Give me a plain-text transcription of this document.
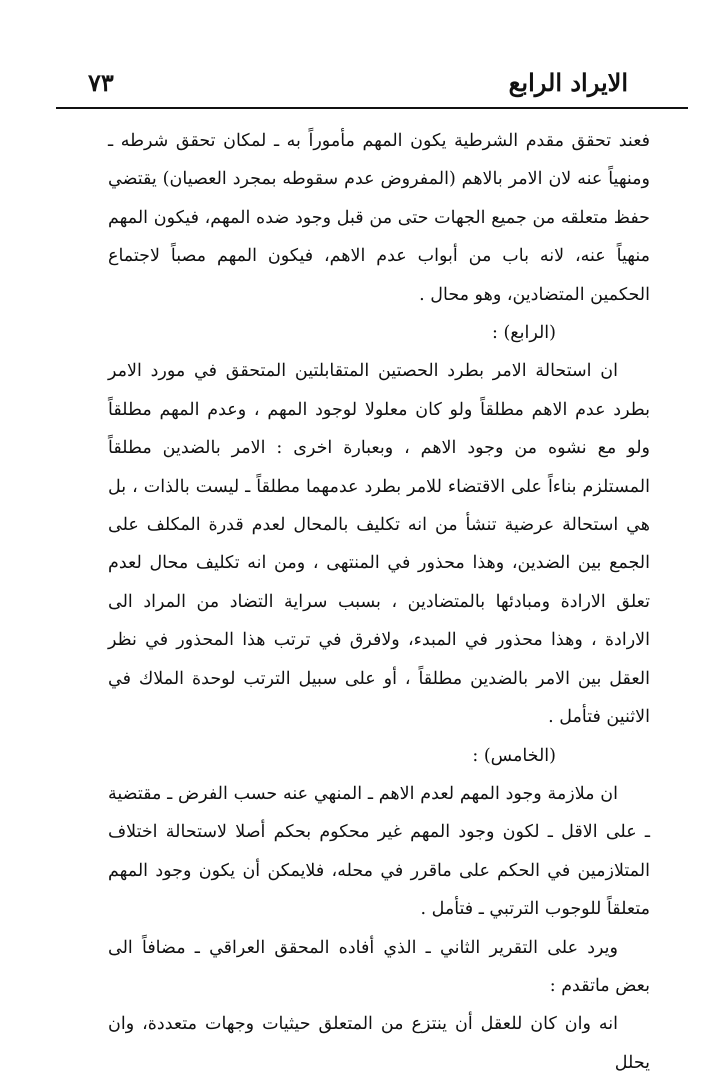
الايراد الرابع
٧٣

فعند تحقق مقدم الشرطية يكون المهم مأموراً به ـ لمكان تحقق شرطه ـ ومنهياً عنه لان الامر بالاهم (المفروض عدم سقوطه بمجرد العصيان) يقتضي حفظ متعلقه من جميع الجهات حتى من قبل وجود ضده المهم، فيكون المهم منهياً عنه، لانه باب من أبواب عدم الاهم، فيكون المهم مصباً لاجتماع الحكمين المتضادين، وهو محال .

(الرابع) :

ان استحالة الامر بطرد الحصتين المتقابلتين المتحقق في مورد الامر بطرد عدم الاهم مطلقاً ولو كان معلولا لوجود المهم ، وعدم المهم مطلقاً ولو مع نشوه من وجود الاهم ، وبعبارة اخرى : الامر بالضدين مطلقاً المستلزم بناءاً على الاقتضاء للامر بطرد عدمهما مطلقاً ـ ليست بالذات ، بل هي استحالة عرضية تنشأ من انه تكليف بالمحال لعدم قدرة المكلف على الجمع بين الضدين، وهذا محذور في المنتهى ، ومن انه تكليف محال لعدم تعلق الارادة ومبادئها بالمتضادين ، بسبب سراية التضاد من المراد الى الارادة ، وهذا محذور في المبدء، ولافرق في ترتب هذا المحذور في نظر العقل بين الامر بالضدين مطلقاً ، أو على سبيل الترتب لوحدة الملاك في الاثنين فتأمل .

(الخامس) :

ان ملازمة وجود المهم لعدم الاهم ـ المنهي عنه حسب الفرض ـ مقتضية ـ على الاقل ـ لكون وجود المهم غير محكوم بحكم أصلا لاستحالة اختلاف المتلازمين في الحكم على ماقرر في محله، فلايمكن أن يكون وجود المهم متعلقاً للوجوب الترتبي ـ فتأمل .

ويرد على التقرير الثاني ـ الذي أفاده المحقق العراقي ـ مضافاً الى بعض ماتقدم :

انه وان كان للعقل أن ينتزع من المتعلق حيثيات وجهات متعددة، وان يحلل
